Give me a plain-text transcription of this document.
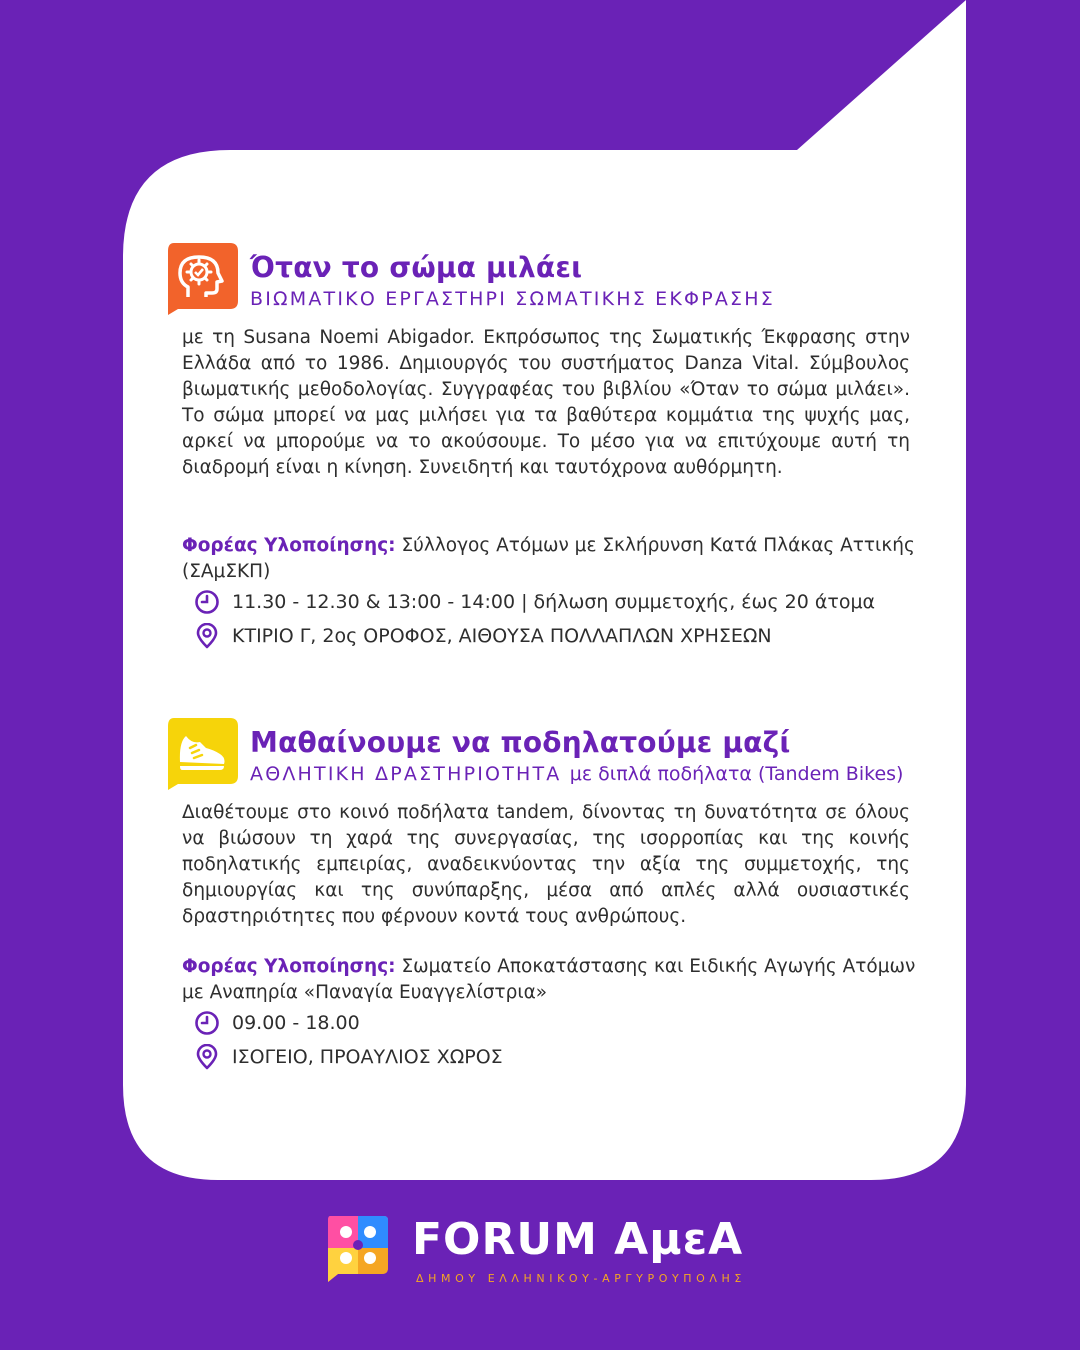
Όταν το σώμα μιλάει
ΒΙΩΜΑΤΙΚΟ ΕΡΓΑΣΤΗΡΙ ΣΩΜΑΤΙΚΗΣ ΕΚΦΡΑΣΗΣ

με τη Susana Noemi Abigador. Εκπρόσωπος της Σωματικής Έκφρασης στην Ελλάδα από το 1986. Δημιουργός του συστήματος Danza Vital. Σύμβουλος βιωματικής μεθοδολογίας. Συγγραφέας του βιβλίου «Όταν το σώμα μιλάει». Το σώμα μπορεί να μας μιλήσει για τα βαθύτερα κομμάτια της ψυχής μας, αρκεί να μπορούμε να το ακούσουμε. Το μέσο για να επιτύχουμε αυτή τη διαδρομή είναι η κίνηση. Συνειδητή και ταυτόχρονα αυθόρμητη.

Φορέας Υλοποίησης: Σύλλογος Ατόμων με Σκλήρυνση Κατά Πλάκας Αττικής (ΣΑμΣΚΠ)
11.30 - 12.30 & 13:00 - 14:00 | δήλωση συμμετοχής, έως 20 άτομα
ΚΤΙΡΙΟ Γ, 2ος ΟΡΟΦΟΣ, ΑΙΘΟΥΣΑ ΠΟΛΛΑΠΛΩΝ ΧΡΗΣΕΩΝ
Μαθαίνουμε να ποδηλατούμε μαζί
ΑΘΛΗΤΙΚΗ ΔΡΑΣΤΗΡΙΟΤΗΤΑ με διπλά ποδήλατα (Tandem Bikes)

Διαθέτουμε στο κοινό ποδήλατα tandem, δίνοντας τη δυνατότητα σε όλους να βιώσουν τη χαρά της συνεργασίας, της ισορροπίας και της κοινής ποδηλατικής εμπειρίας, αναδεικνύοντας την αξία της συμμετοχής, της δημιουργίας και της συνύπαρξης, μέσα από απλές αλλά ουσιαστικές δραστηριότητες που φέρνουν κοντά τους ανθρώπους.

Φορέας Υλοποίησης: Σωματείο Αποκατάστασης και Ειδικής Αγωγής Ατόμων με Αναπηρία «Παναγία Ευαγγελίστρια»
09.00 - 18.00
ΙΣΟΓΕΙΟ, ΠΡΟΑΥΛΙΟΣ ΧΩΡΟΣ
FORUM AμεA
ΔΗΜΟΥ ΕΛΛΗΝΙΚΟΥ-ΑΡΓΥΡΟΥΠΟΛΗΣ
